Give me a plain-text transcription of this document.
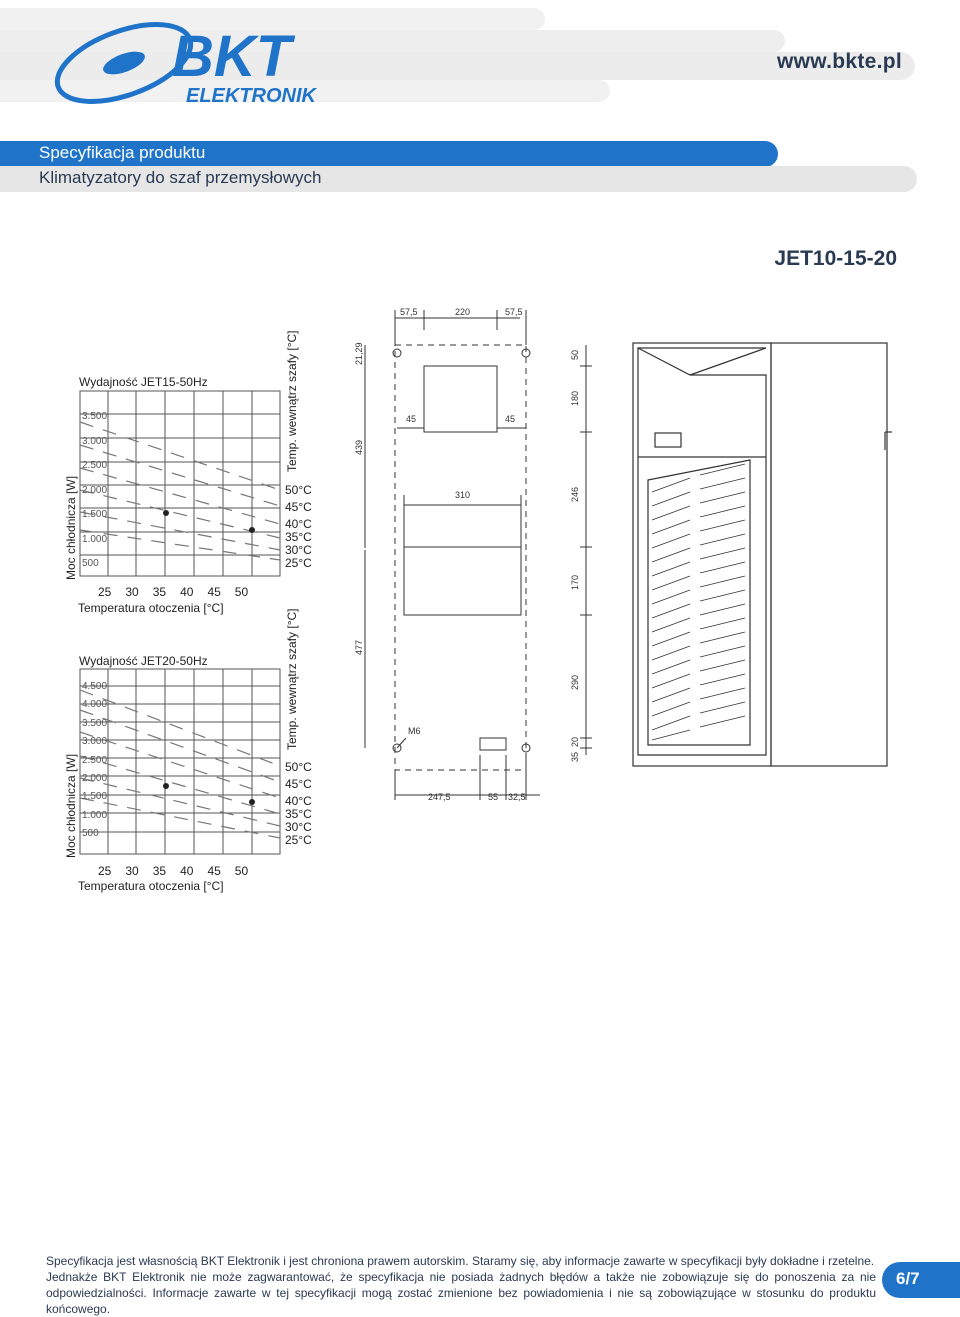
BKT
ELEKTRONIK
www.bkte.pl
Specyfikacja produktu
Klimatyzatory do szaf przemysłowych
JET10-15-20
Wydajność JET15-50Hz
Moc chłodnicza [W]
Temp. wewnątrz szafy [°C]
3.500
3.000
2.500
2.000
1.500
1.000
500
50°C
45°C
40°C
35°C
30°C
25°C
25 30 35 40 45 50
Temperatura otoczenia [°C]
Wydajność JET20-50Hz
Moc chłodnicza [W]
Temp. wewnątrz szafy [°C]
4.500
4.000
3.500
3.000
2.500
2.000
1.500
1.000
500
50°C
45°C
40°C
35°C
30°C
25°C
25 30 35 40 45 50
Temperatura otoczenia [°C]
57,5	220	57,5
21,29
439
477
45	45
310
M6
50
180
246
170
290
35
20
247,5	55 32,5

Specyfikacja jest własnością BKT Elektronik i jest chroniona prawem autorskim. Staramy się, aby informacje zawarte w specyfikacji były dokładne i rzetelne.

Jednakże BKT Elektronik nie może zagwarantować, że specyfikacja nie posiada żadnych błędów a także nie zobowiązuje się do ponoszenia za nie odpowiedzialności. Informacje zawarte w tej specyfikacji mogą zostać zmienione bez powiadomienia i nie są zobowiązujące w stosunku do produktu końcowego.

6/7
